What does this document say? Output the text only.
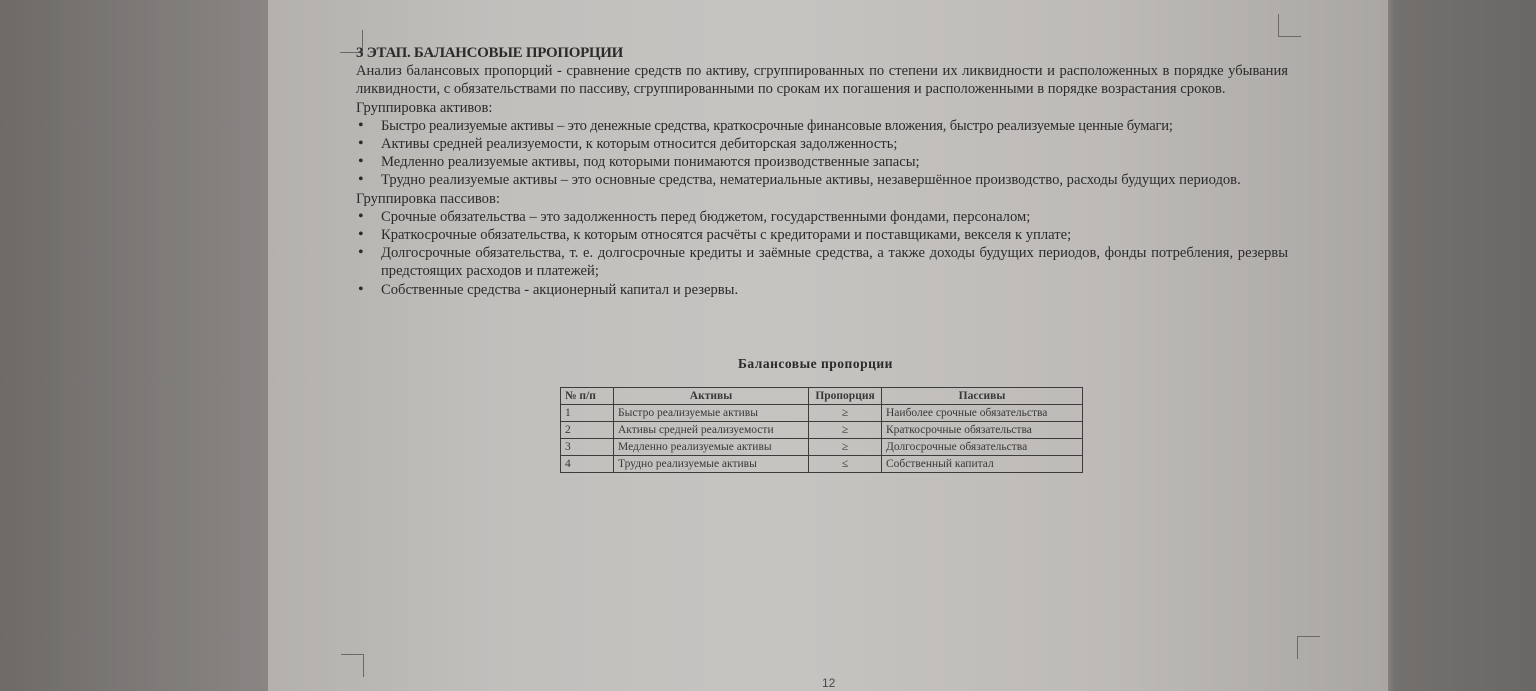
3 ЭТАП. БАЛАНСОВЫЕ ПРОПОРЦИИ
Анализ балансовых пропорций - сравнение средств по активу, сгруппированных по степени их ликвидности и расположенных в порядке убывания ликвидности, с обязательствами по пассиву, сгруппированными по срокам их погашения и расположенными в порядке возрастания сроков.
Группировка активов:
• Быстро реализуемые активы – это денежные средства, краткосрочные финансовые вложения, быстро реализуемые ценные бумаги;
• Активы средней реализуемости, к которым относится дебиторская задолженность;
• Медленно реализуемые активы, под которыми понимаются производственные запасы;
• Трудно реализуемые активы – это основные средства, нематериальные активы, незавершённое производство, расходы будущих периодов.
Группировка пассивов:
• Срочные обязательства – это задолженность перед бюджетом, государственными фондами, персоналом;
• Краткосрочные обязательства, к которым относятся расчёты с кредиторами и поставщиками, векселя к уплате;
• Долгосрочные обязательства, т. е. долгосрочные кредиты и заёмные средства, а также доходы будущих периодов, фонды потребления, резервы предстоящих расходов и платежей;
• Собственные средства - акционерный капитал и резервы.
Балансовые пропорции
№ п/п	Активы	Пропорция	Пассивы
1	Быстро реализуемые активы	≥	Наиболее срочные обязательства
2	Активы средней реализуемости	≥	Краткосрочные обязательства
3	Медленно реализуемые активы	≥	Долгосрочные обязательства
4	Трудно реализуемые активы	≤	Собственный капитал
12
